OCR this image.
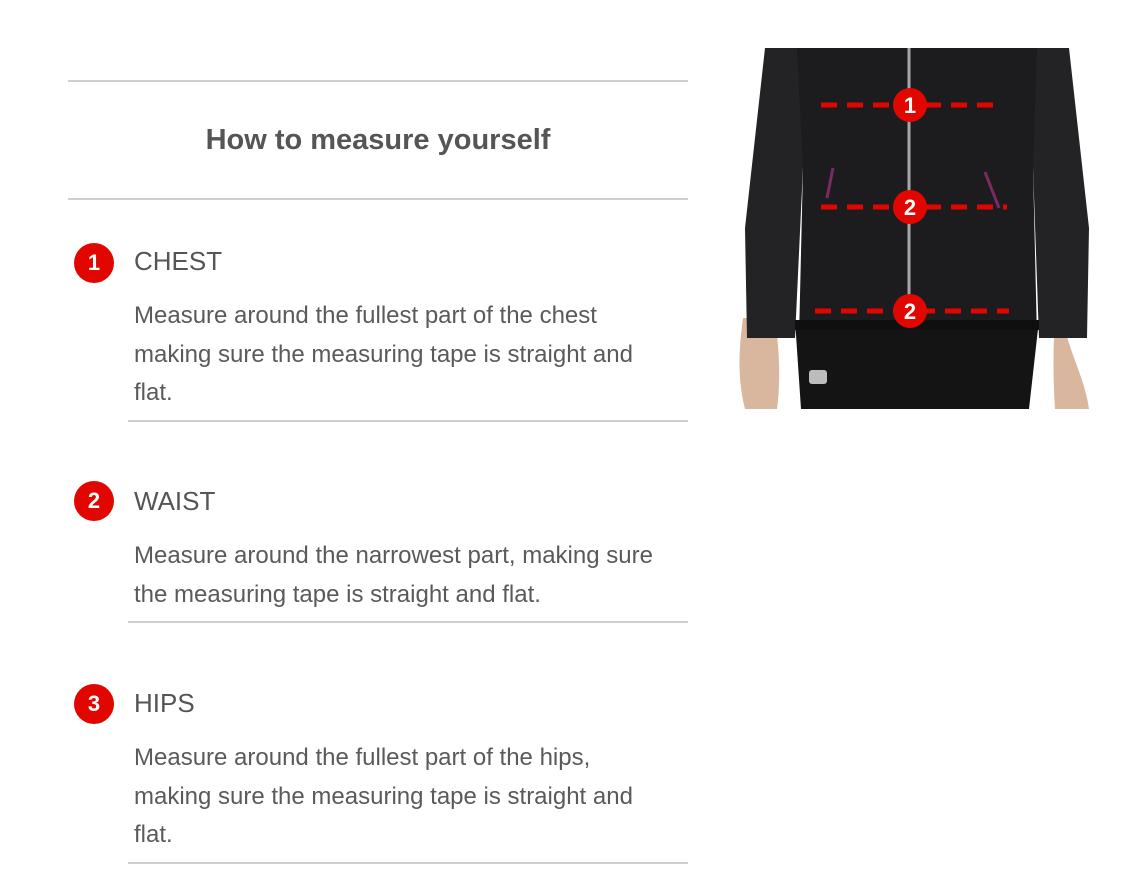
How to measure yourself
1	CHEST

Measure around the fullest part of the chest making sure the measuring tape is straight and flat.

2	WAIST

Measure around the narrowest part, making sure the measuring tape is straight and flat.

3	HIPS

Measure around the fullest part of the hips, making sure the measuring tape is straight and flat.

1
2
2
